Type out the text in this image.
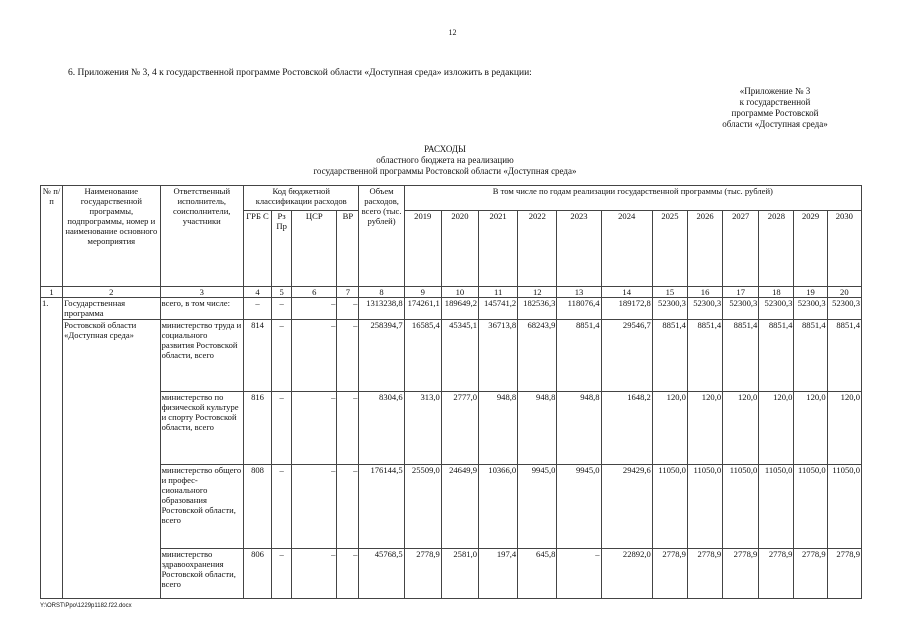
12
6. Приложения № 3, 4 к государственной программе Ростовской области «Доступная среда» изложить в редакции:
«Приложение № 3
к государственной
программе Ростовской
области «Доступная среда»
РАСХОДЫ
областного бюджета на реализацию
государственной программы Ростовской области «Доступная среда»
№ п/п	Наименование государственной программы, подпрограммы, номер и наименование основного мероприятия	Ответственный исполнитель, соисполнители, участники	Код бюджетной классификации расходов				Объем расходов, всего (тыс. рублей)	В том числе по годам реализации государственной программы (тыс. рублей)											
			ГРБ С	Рз Пр	ЦСР	ВР		2019	2020	2021	2022	2023	2024	2025	2026	2027	2028	2029	2030
1	2	3	4	5	6	7	8	9	10	11	12	13	14	15	16	17	18	19	20
1.	Государственная программа	всего, в том числе:	–	–	–	–	1313238,8	174261,1	189649,2	145741,2	182536,3	118076,4	189172,8	52300,3	52300,3	52300,3	52300,3	52300,3	52300,3
	Ростовской области «Доступная среда»	министерство труда и социального развития Ростовской области, всего	814	–	–	–	258394,7	16585,4	45345,1	36713,8	68243,9	8851,4	29546,7	8851,4	8851,4	8851,4	8851,4	8851,4	8851,4
		министерство по физической культуре и спорту Ростовской области, всего	816	–	–	–	8304,6	313,0	2777,0	948,8	948,8	948,8	1648,2	120,0	120,0	120,0	120,0	120,0	120,0
		министерство общего и профес-сионального образования Ростовской области, всего	808	–	–	–	176144,5	25509,0	24649,9	10366,0	9945,0	9945,0	29429,6	11050,0	11050,0	11050,0	11050,0	11050,0	11050,0
		министерство здравоохранения Ростовской области, всего	806	–	–	–	45768,5	2778,9	2581,0	197,4	645,8	–	22892,0	2778,9	2778,9	2778,9	2778,9	2778,9	2778,9
Y:\ORST\Ppo\1229p1182.f22.docx
